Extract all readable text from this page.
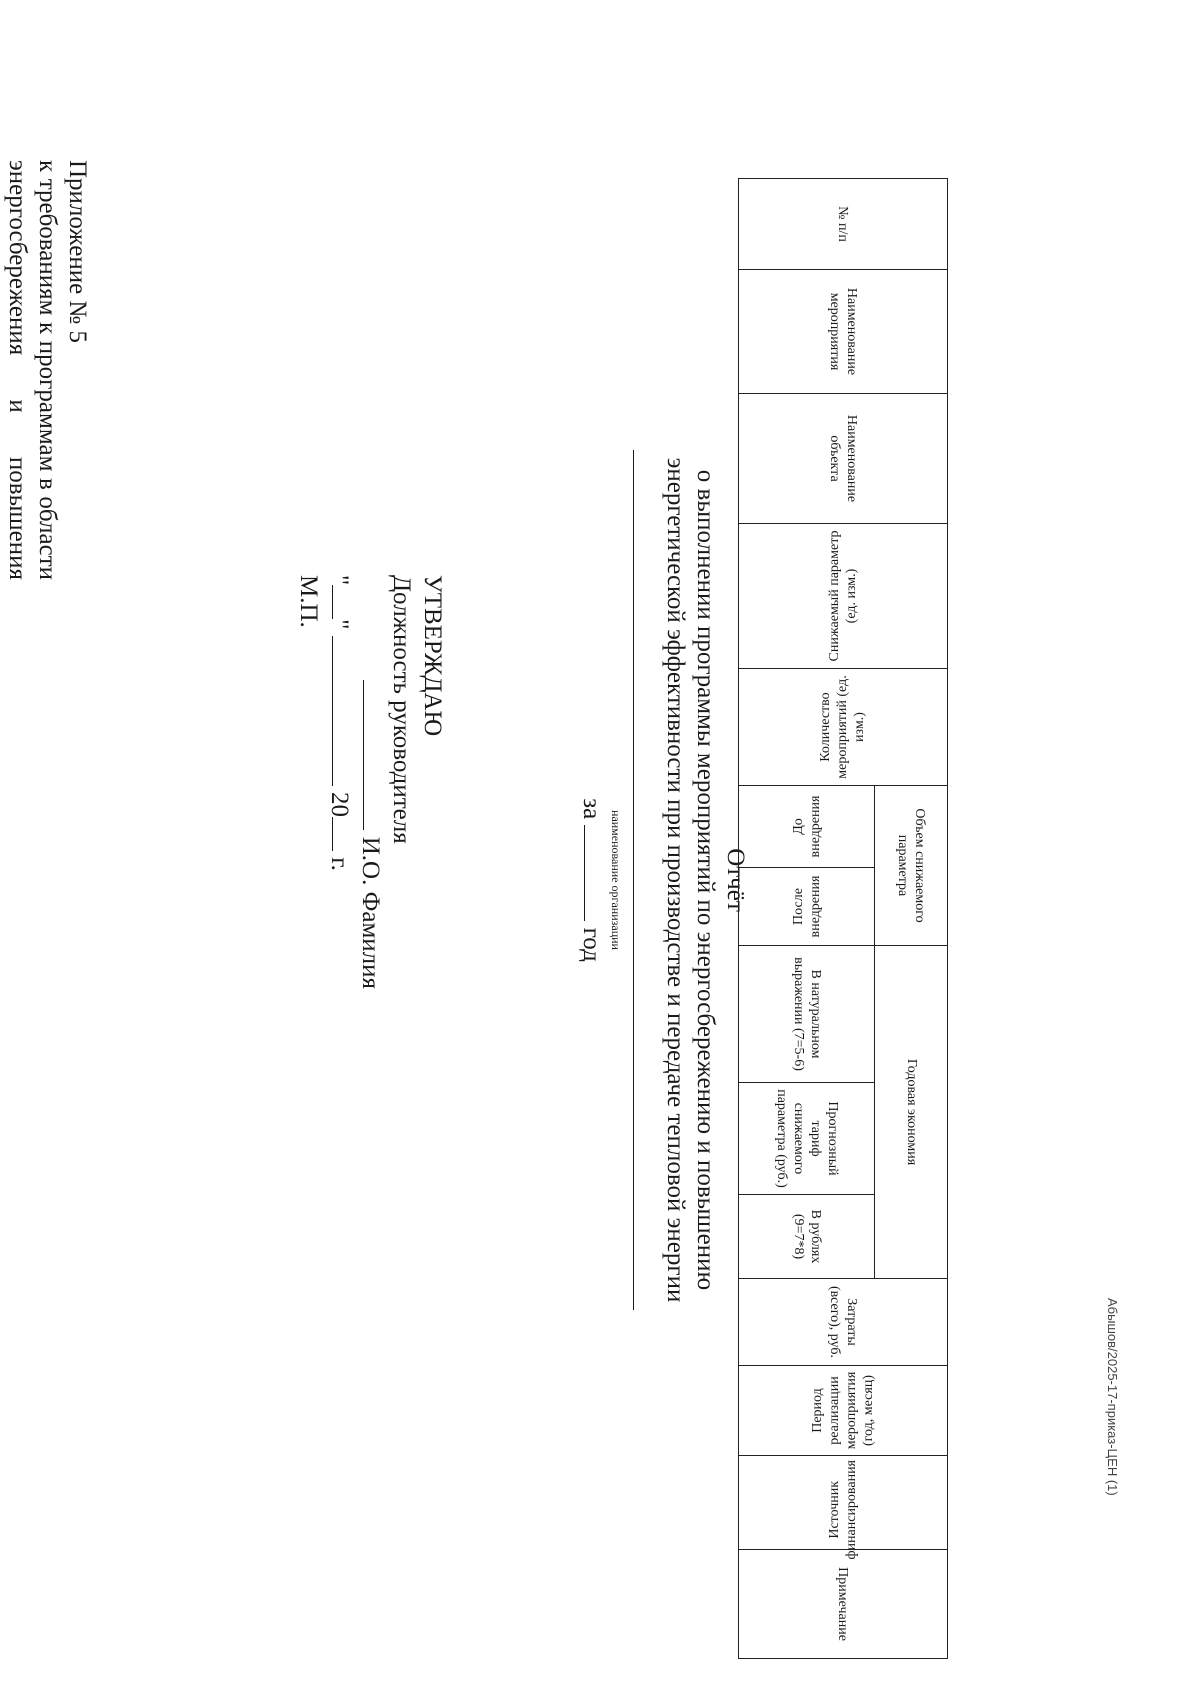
Приложение № 5
к требованиям к программам в области энергосбережения и повышения
УТВЕРЖДАЮ
Должность руководителя
И.О. Фамилия
""  20 г.
М.П.
Отчёт
о выполнении программы мероприятий по энергосбережению и повышению
энергетической эффективности при производстве и передаче тепловой энергии
наименование организации
за  год
№ п/п	Наименование мероприятия	Наименование объекта	Снижаемый параметр (ед. изм.)	Количество мероприятий (ед. изм.)	Объем снижаемого параметра		Годовая экономия			Затраты (всего), руб.	Период реализации мероприятия (год, месяц)	Источник финансирования	Примечание
					До внедрения	После внедрения	В натуральном выражении (7=5-6)	Прогнозный тариф снижаемого параметра (руб.)	В рублях (9=7*8)				
Абышов/2025-17-приказ-ЦЕН (1)
